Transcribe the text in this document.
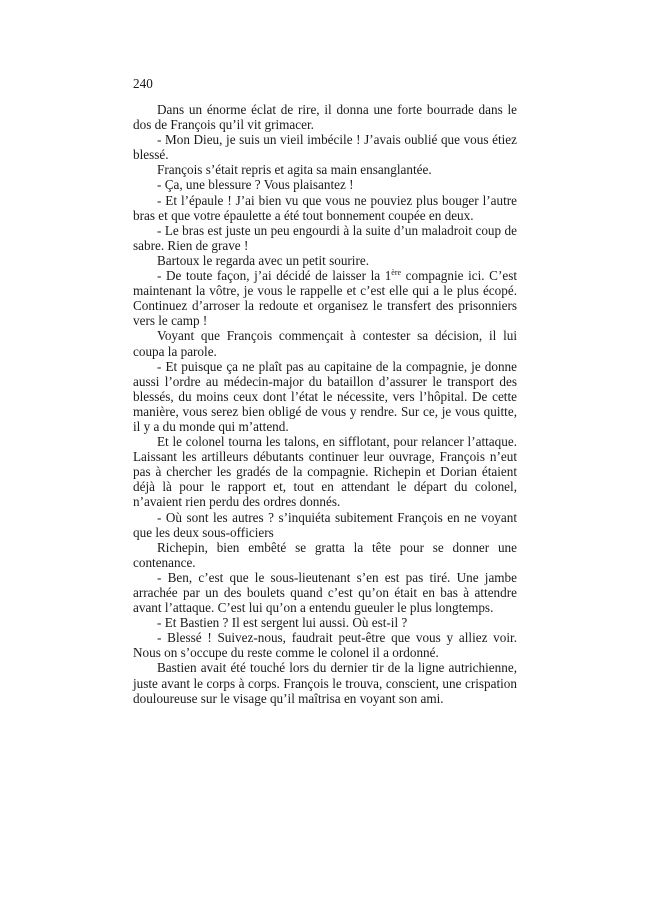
240

Dans un énorme éclat de rire, il donna une forte bourrade dans le dos de François qu’il vit grimacer.

- Mon Dieu, je suis un vieil imbécile ! J’avais oublié que vous étiez blessé.

François s’était repris et agita sa main ensanglantée.

- Ça, une blessure ? Vous plaisantez !

- Et l’épaule ! J’ai bien vu que vous ne pouviez plus bouger l’autre bras et que votre épaulette a été tout bonnement coupée en deux.

- Le bras est juste un peu engourdi à la suite d’un maladroit coup de sabre. Rien de grave !

Bartoux le regarda avec un petit sourire.

- De toute façon, j’ai décidé de laisser la 1ère compagnie ici. C’est maintenant la vôtre, je vous le rappelle et c’est elle qui a le plus écopé. Continuez d’arroser la redoute et organisez le transfert des prisonniers vers le camp !

Voyant que François commençait à contester sa décision, il lui coupa la parole.

- Et puisque ça ne plaît pas au capitaine de la compagnie, je donne aussi l’ordre au médecin-major du bataillon d’assurer le transport des blessés, du moins ceux dont l’état le nécessite, vers l’hôpital. De cette manière, vous serez bien obligé de vous y rendre. Sur ce, je vous quitte, il y a du monde qui m’attend.

Et le colonel tourna les talons, en sifflotant, pour relancer l’attaque. Laissant les artilleurs débutants continuer leur ouvrage, François n’eut pas à chercher les gradés de la compagnie. Richepin et Dorian étaient déjà là pour le rapport et, tout en attendant le départ du colonel, n’avaient rien perdu des ordres donnés.

- Où sont les autres ? s’inquiéta subitement François en ne voyant que les deux sous-officiers

Richepin, bien embêté se gratta la tête pour se donner une contenance.

- Ben, c’est que le sous-lieutenant s’en est pas tiré. Une jambe arrachée par un des boulets quand c’est qu’on était en bas à attendre avant l’attaque. C’est lui qu’on a entendu gueuler le plus longtemps.

- Et Bastien ? Il est sergent lui aussi. Où est-il ?

- Blessé ! Suivez-nous, faudrait peut-être que vous y alliez voir. Nous on s’occupe du reste comme le colonel il a ordonné.

Bastien avait été touché lors du dernier tir de la ligne autrichienne, juste avant le corps à corps. François le trouva, conscient, une crispation douloureuse sur le visage qu’il maîtrisa en voyant son ami.
